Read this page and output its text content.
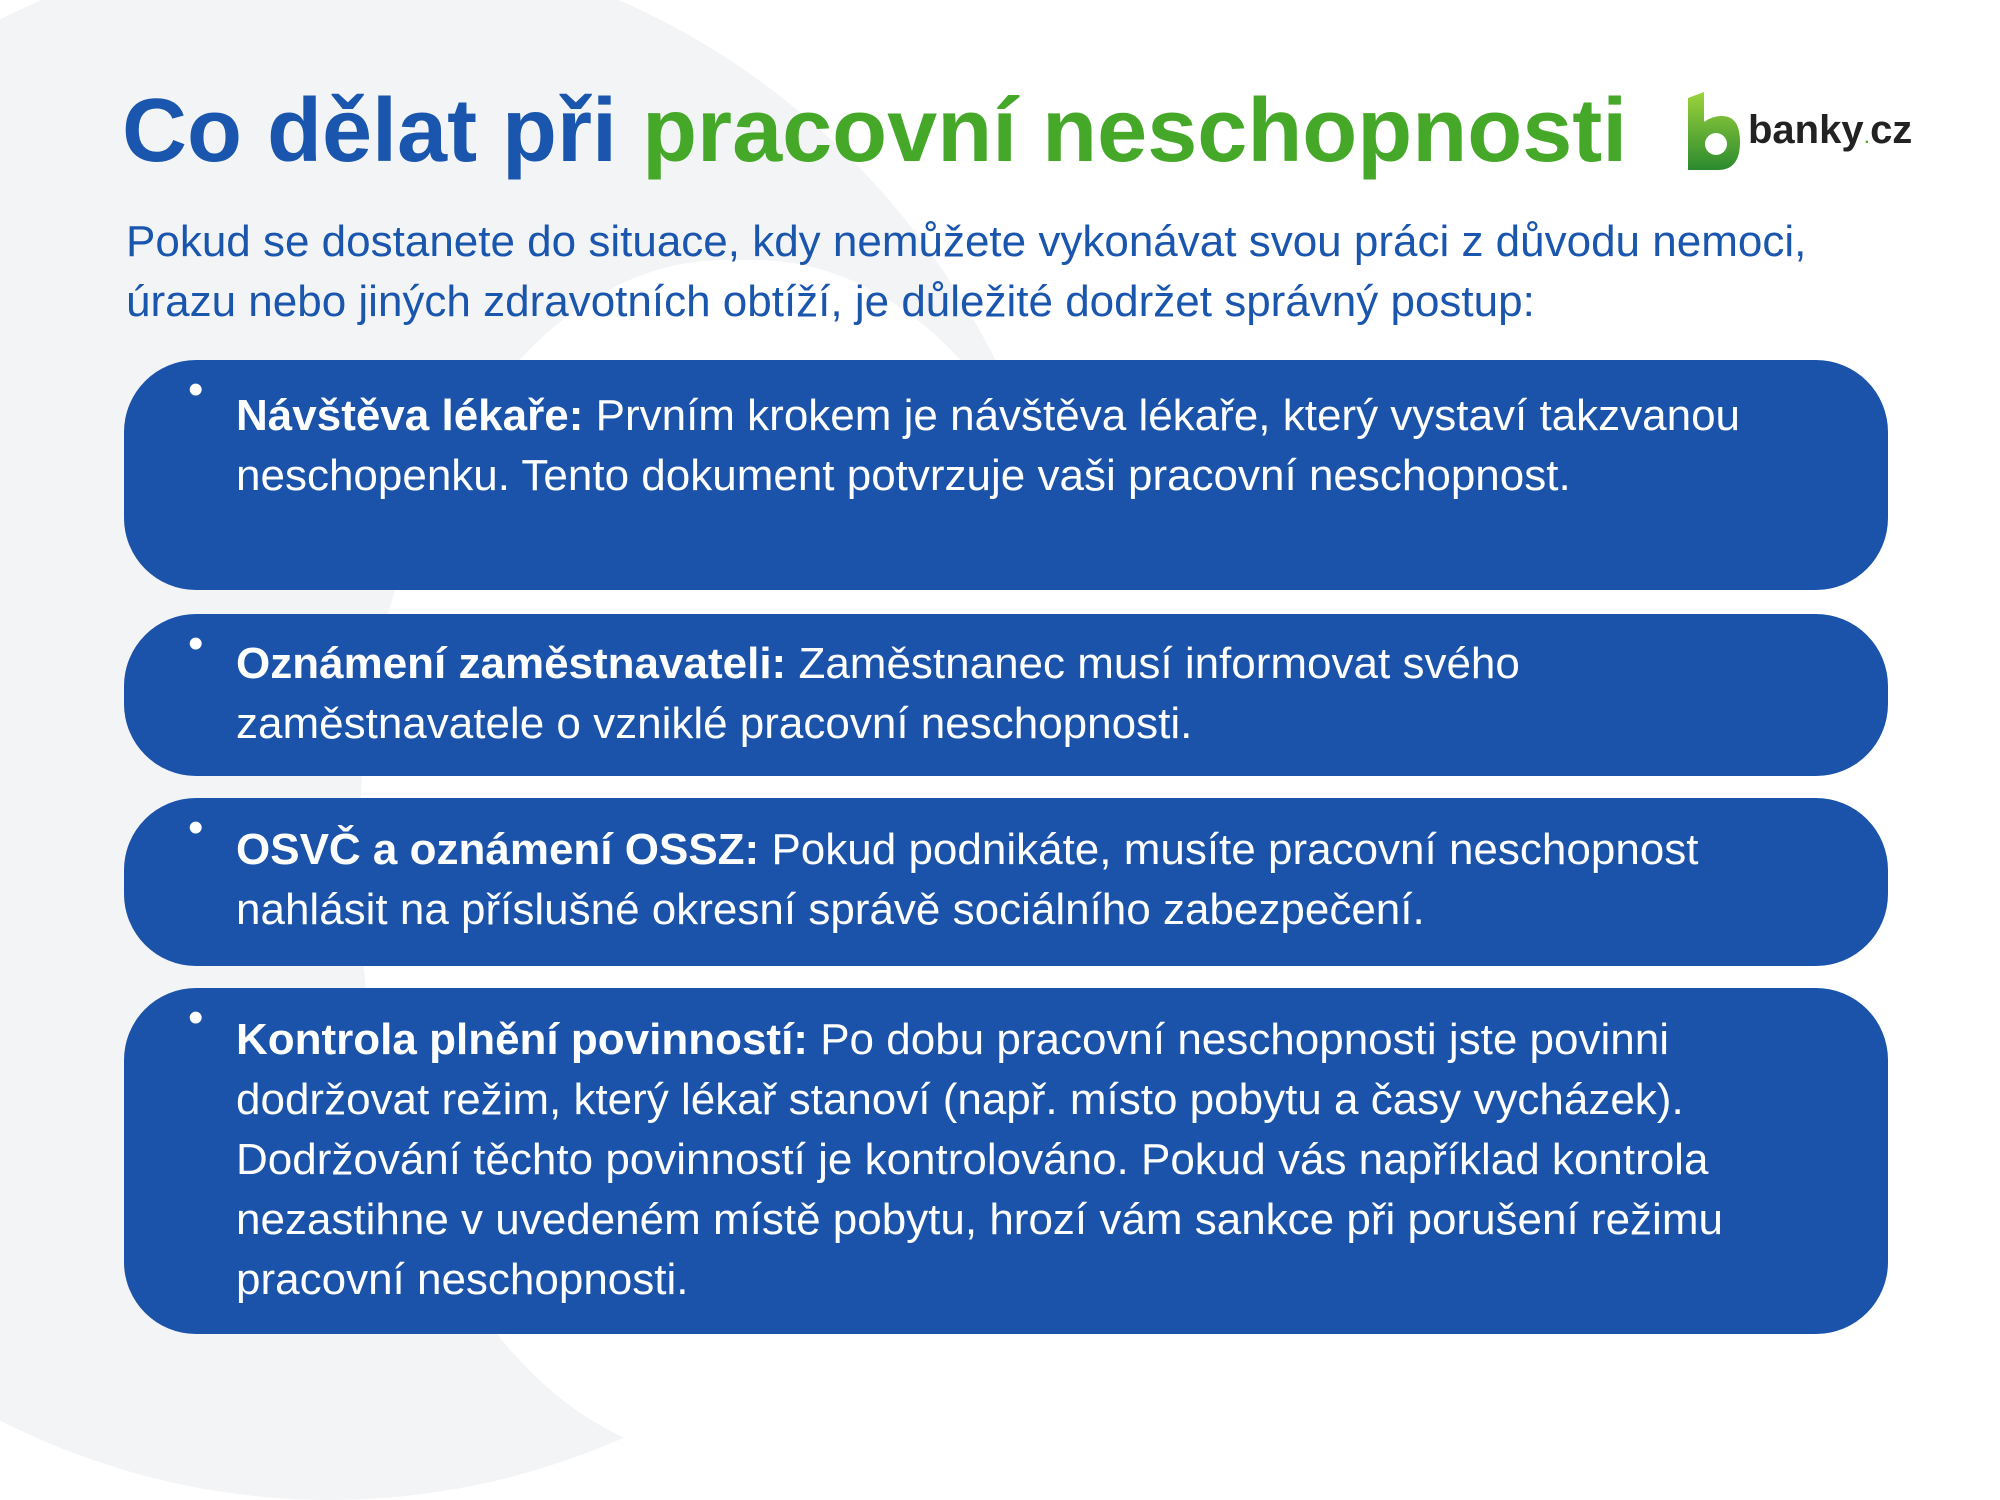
Co dělat při pracovní neschopnosti	banky.cz

Pokud se dostanete do situace, kdy nemůžete vykonávat svou práci z důvodu nemoci, úrazu nebo jiných zdravotních obtíží, je důležité dodržet správný postup:

•
Návštěva lékaře: Prvním krokem je návštěva lékaře, který vystaví takzvanou neschopenku. Tento dokument potvrzuje vaši pracovní neschopnost.
• Oznámení zaměstnavateli: Zaměstnanec musí informovat svého zaměstnavatele o vzniklé pracovní neschopnosti.
• OSVČ a oznámení OSSZ: Pokud podnikáte, musíte pracovní neschopnost nahlásit na příslušné okresní správě sociálního zabezpečení.
• Kontrola plnění povinností: Po dobu pracovní neschopnosti jste povinni dodržovat režim, který lékař stanoví (např. místo pobytu a časy vycházek). Dodržování těchto povinností je kontrolováno. Pokud vás například kontrola nezastihne v uvedeném místě pobytu, hrozí vám sankce při porušení režimu pracovní neschopnosti.
